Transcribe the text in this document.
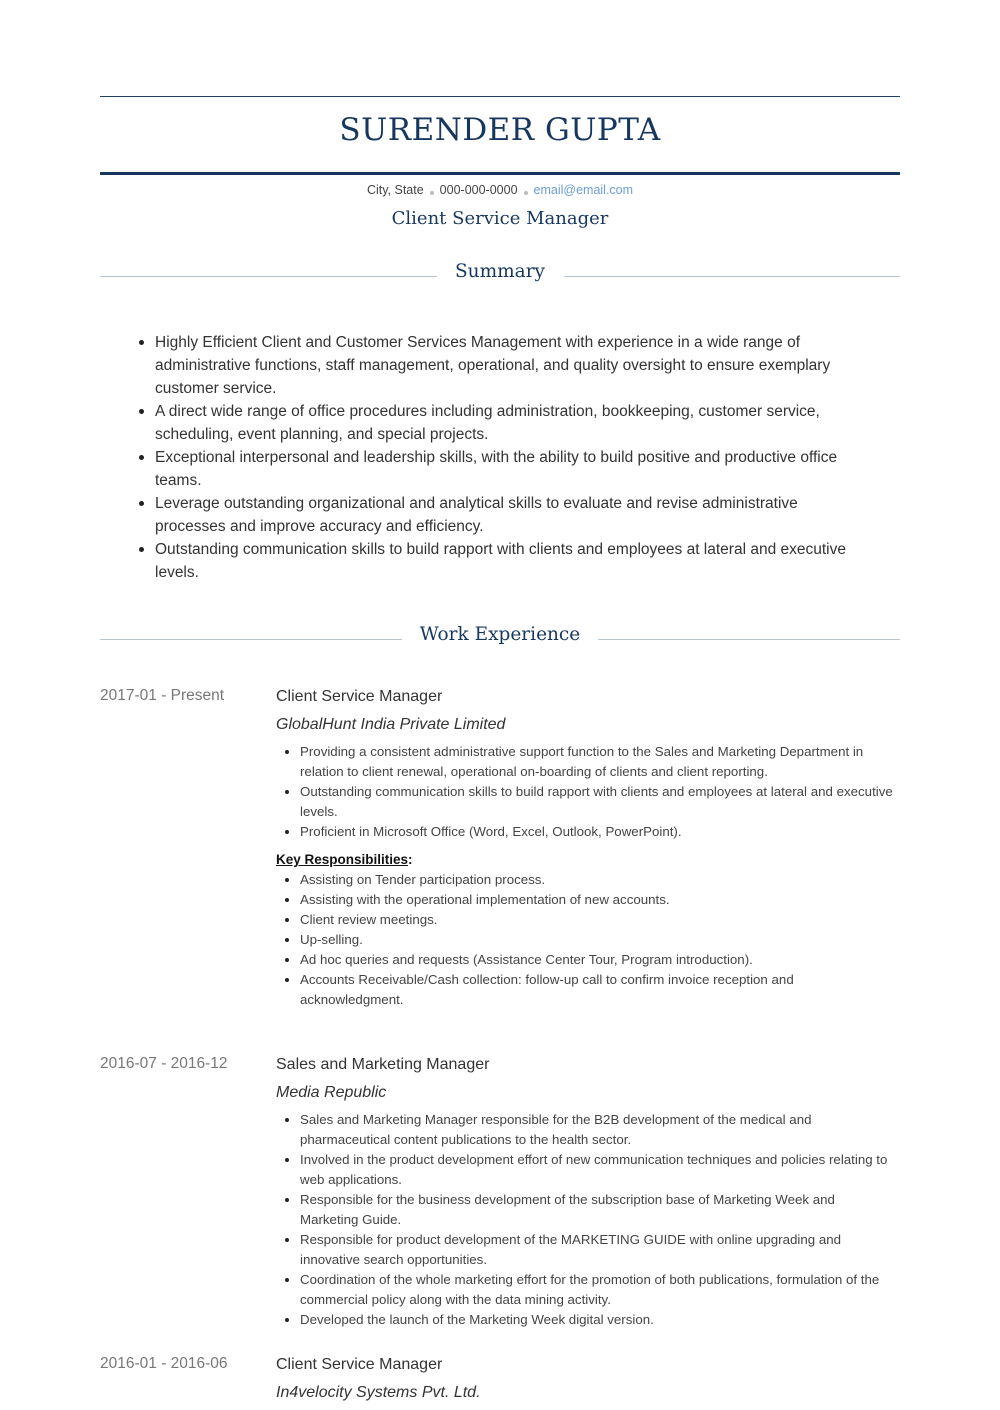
SURENDER GUPTA
City, State 000-000-0000 email@email.com
Client Service Manager
Summary
Highly Efficient Client and Customer Services Management with experience in a wide range of administrative functions, staff management, operational, and quality oversight to ensure exemplary customer service.
A direct wide range of office procedures including administration, bookkeeping, customer service, scheduling, event planning, and special projects.
Exceptional interpersonal and leadership skills, with the ability to build positive and productive office teams.
Leverage outstanding organizational and analytical skills to evaluate and revise administrative processes and improve accuracy and efficiency.
Outstanding communication skills to build rapport with clients and employees at lateral and executive levels.
Work Experience
2017-01 - Present	Client Service Manager
GlobalHunt India Private Limited
Providing a consistent administrative support function to the Sales and Marketing Department in relation to client renewal, operational on-boarding of clients and client reporting.
Outstanding communication skills to build rapport with clients and employees at lateral and executive levels.
Proficient in Microsoft Office (Word, Excel, Outlook, PowerPoint).
Key Responsibilities:
Assisting on Tender participation process.
Assisting with the operational implementation of new accounts.
Client review meetings.
Up-selling.
Ad hoc queries and requests (Assistance Center Tour, Program introduction).
Accounts Receivable/Cash collection: follow-up call to confirm invoice reception and acknowledgment.
2016-07 - 2016-12	Sales and Marketing Manager
Media Republic
Sales and Marketing Manager responsible for the B2B development of the medical and pharmaceutical content publications to the health sector.
Involved in the product development effort of new communication techniques and policies relating to web applications.
Responsible for the business development of the subscription base of Marketing Week and Marketing Guide.
Responsible for product development of the MARKETING GUIDE with online upgrading and innovative search opportunities.
Coordination of the whole marketing effort for the promotion of both publications, formulation of the commercial policy along with the data mining activity.
Developed the launch of the Marketing Week digital version.
2016-01 - 2016-06	Client Service Manager
In4velocity Systems Pvt. Ltd.
